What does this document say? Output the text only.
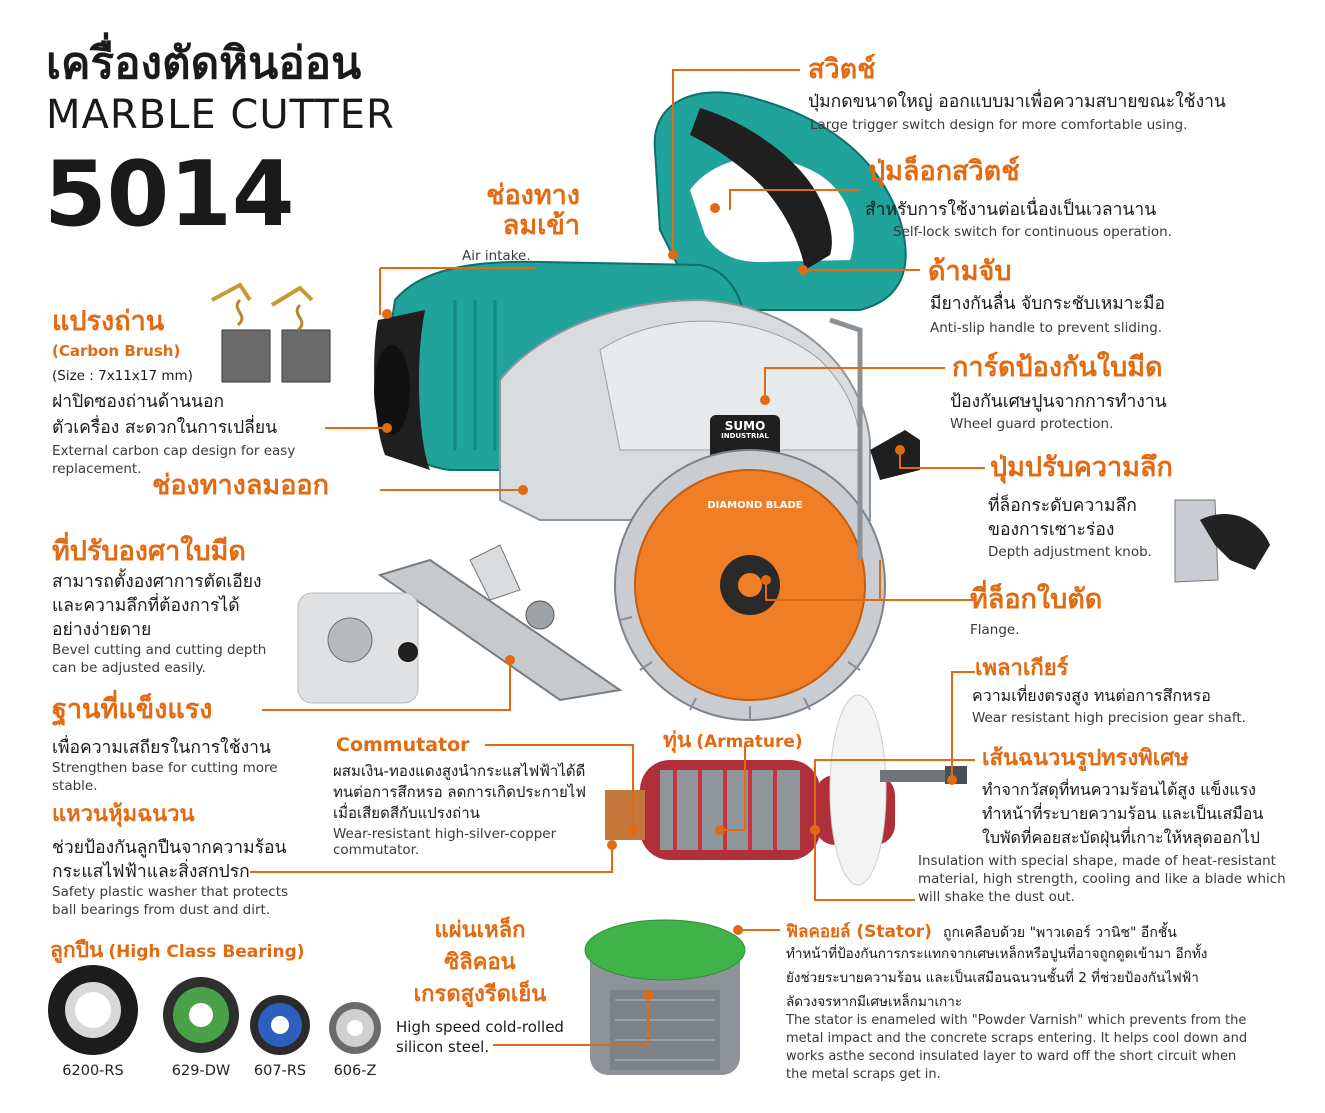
SUMO
INDUSTRIAL
DIAMOND BLADE
เครื่องตัดหินอ่อน
MARBLE CUTTER
5014
สวิตช์
ปุ่มกดขนาดใหญ่ ออกแบบมาเพื่อความสบายขณะใช้งาน
Large trigger switch design for more comfortable using.
ปุ่มล็อกสวิตช์
สำหรับการใช้งานต่อเนื่องเป็นเวลานาน
Self-lock switch for continuous operation.
ด้ามจับ
มียางกันลื่น จับกระชับเหมาะมือ
Anti-slip handle to prevent sliding.
การ์ดป้องกันใบมีด
ป้องกันเศษปูนจากการทำงาน
Wheel guard protection.
ปุ่มปรับความลึก
ที่ล็อกระดับความลึก
ของการเซาะร่อง
Depth adjustment knob.
ที่ล็อกใบตัด
Flange.
ช่องทาง
ลมเข้า
Air intake.
แปรงถ่าน
(Carbon Brush)
(Size : 7x11x17 mm)
ฝาปิดซองถ่านด้านนอก
ตัวเครื่อง สะดวกในการเปลี่ยน
External carbon cap design for easy
replacement.
ช่องทางลมออก
ที่ปรับองศาใบมีด
สามารถตั้งองศาการตัดเอียง
และความลึกที่ต้องการได้
อย่างง่ายดาย
Bevel cutting and cutting depth
can be adjusted easily.
ฐานที่แข็งแรง
เพื่อความเสถียรในการใช้งาน
Strengthen base for cutting more
stable.
แหวนหุ้มฉนวน
ช่วยป้องกันลูกปืนจากความร้อน
กระแสไฟฟ้าและสิ่งสกปรก
Safety plastic washer that protects
ball bearings from dust and dirt.
Commutator
ผสมเงิน-ทองแดงสูงนำกระแสไฟฟ้าได้ดี
ทนต่อการสึกหรอ ลดการเกิดประกายไฟ
เมื่อเสียดสีกับแปรงถ่าน
Wear-resistant high-silver-copper
commutator.
ทุ่น (Armature)
เพลาเกียร์
ความเที่ยงตรงสูง ทนต่อการสึกหรอ
Wear resistant high precision gear shaft.
เส้นฉนวนรูปทรงพิเศษ
ทำจากวัสดุที่ทนความร้อนได้สูง แข็งแรง
ทำหน้าที่ระบายความร้อน และเป็นเสมือน
ใบพัดที่คอยสะบัดฝุ่นที่เกาะให้หลุดออกไป
Insulation with special shape, made of heat-resistant
material, high strength, cooling and like a blade which
will shake the dust out.
แผ่นเหล็ก
ซิลิคอน
เกรดสูงรีดเย็น
High speed cold-rolled
silicon steel.
ฟิลคอยล์ (Stator) ถูกเคลือบด้วย "พาวเดอร์ วานิช" อีกชั้น
ทำหน้าที่ป้องกันการกระแทกจากเศษเหล็กหรือปูนที่อาจถูกดูดเข้ามา อีกทั้ง
ยังช่วยระบายความร้อน และเป็นเสมือนฉนวนชั้นที่ 2 ที่ช่วยป้องกันไฟฟ้า
ลัดวงจรหากมีเศษเหล็กมาเกาะ
The stator is enameled with "Powder Varnish" which prevents from the
metal impact and the concrete scraps entering. It helps cool down and
works asthe second insulated layer to ward off the short circuit when
the metal scraps get in.
ลูกปืน (High Class Bearing)
6200-RS	629-DW	607-RS	606-Z
